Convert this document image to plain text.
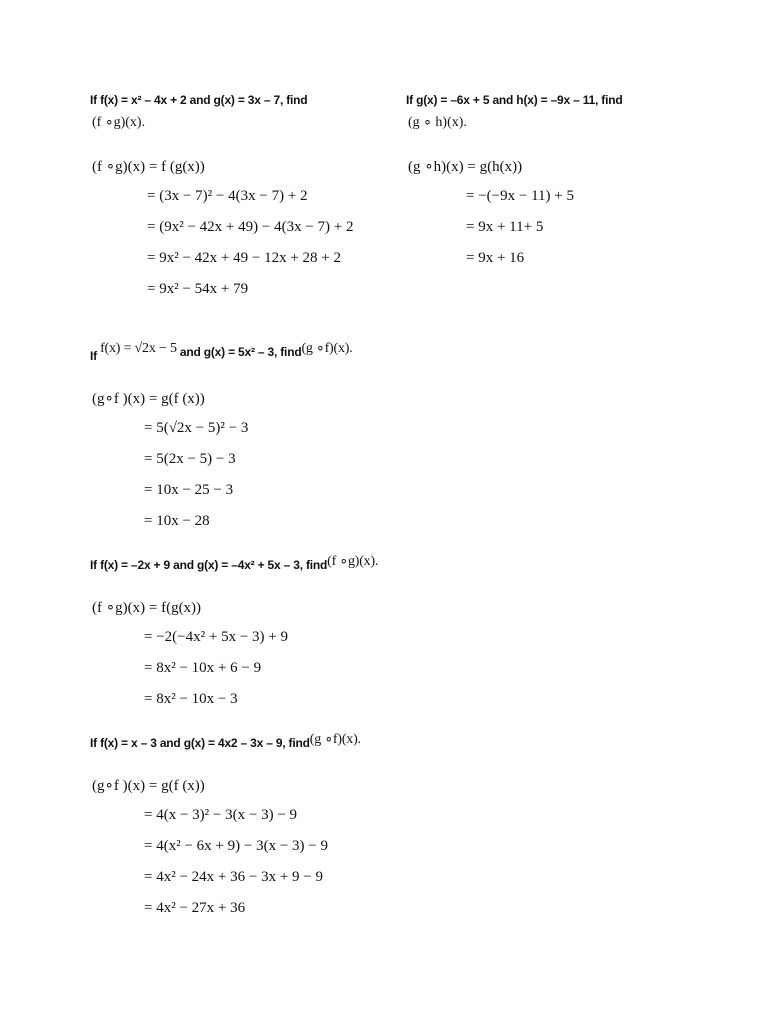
If f(x) = x² – 4x + 2 and g(x) = 3x – 7, find
(f ∘g)(x).
(f ∘g)(x) = f (g(x))
= (3x − 7)² − 4(3x − 7) + 2
= (9x² − 42x + 49) − 4(3x − 7) + 2
= 9x² − 42x + 49 − 12x + 28 + 2
= 9x² − 54x + 79
If g(x) = –6x + 5 and h(x) = –9x – 11, find
(g ∘ h)(x).
(g ∘h)(x) = g(h(x))
= −(−9x − 11) + 5
= 9x + 11+ 5
= 9x + 16
If f(x) = √2x − 5 and g(x) = 5x² – 3, find(g ∘f)(x).
(g∘f )(x) = g(f (x))
= 5(√2x − 5)² − 3
= 5(2x − 5) − 3
= 10x − 25 − 3
= 10x − 28
If f(x) = –2x + 9 and g(x) = –4x² + 5x – 3, find(f ∘g)(x).
(f ∘g)(x) = f(g(x))
= −2(−4x² + 5x − 3) + 9
= 8x² − 10x + 6 − 9
= 8x² − 10x − 3
If f(x) = x – 3 and g(x) = 4x2 – 3x – 9, find(g ∘f)(x).
(g∘f )(x) = g(f (x))
= 4(x − 3)² − 3(x − 3) − 9
= 4(x² − 6x + 9) − 3(x − 3) − 9
= 4x² − 24x + 36 − 3x + 9 − 9
= 4x² − 27x + 36
